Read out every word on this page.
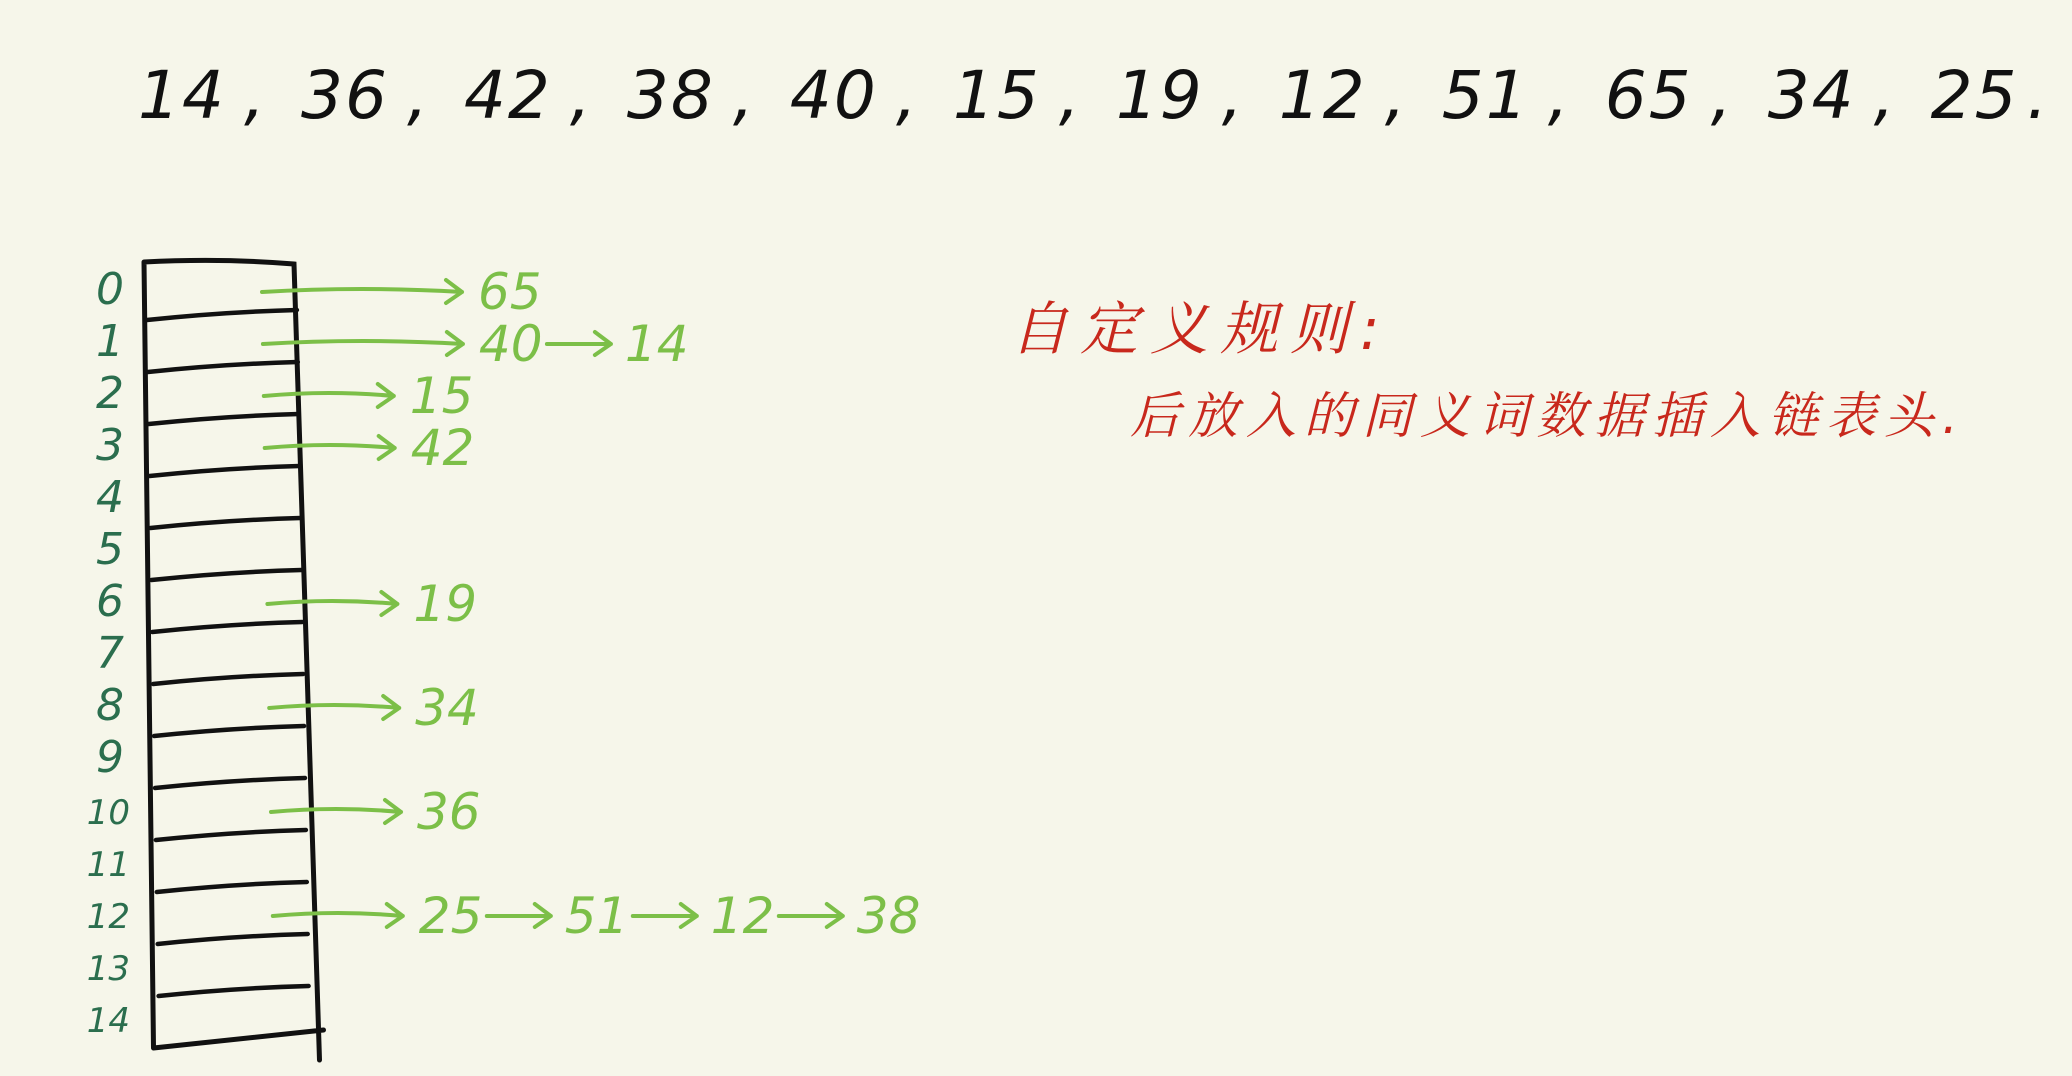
14 , 36 , 42 , 38 , 40 , 15 , 19 , 12 , 51 , 65 , 34 , 25 .
自定义规则:
后放入的同义词数据插入链表头.
0
1
2
3
4
5
6
7
8
9
10
11
12
13
14
65
40 14
15
42
19
34
36
25 51 12 38
